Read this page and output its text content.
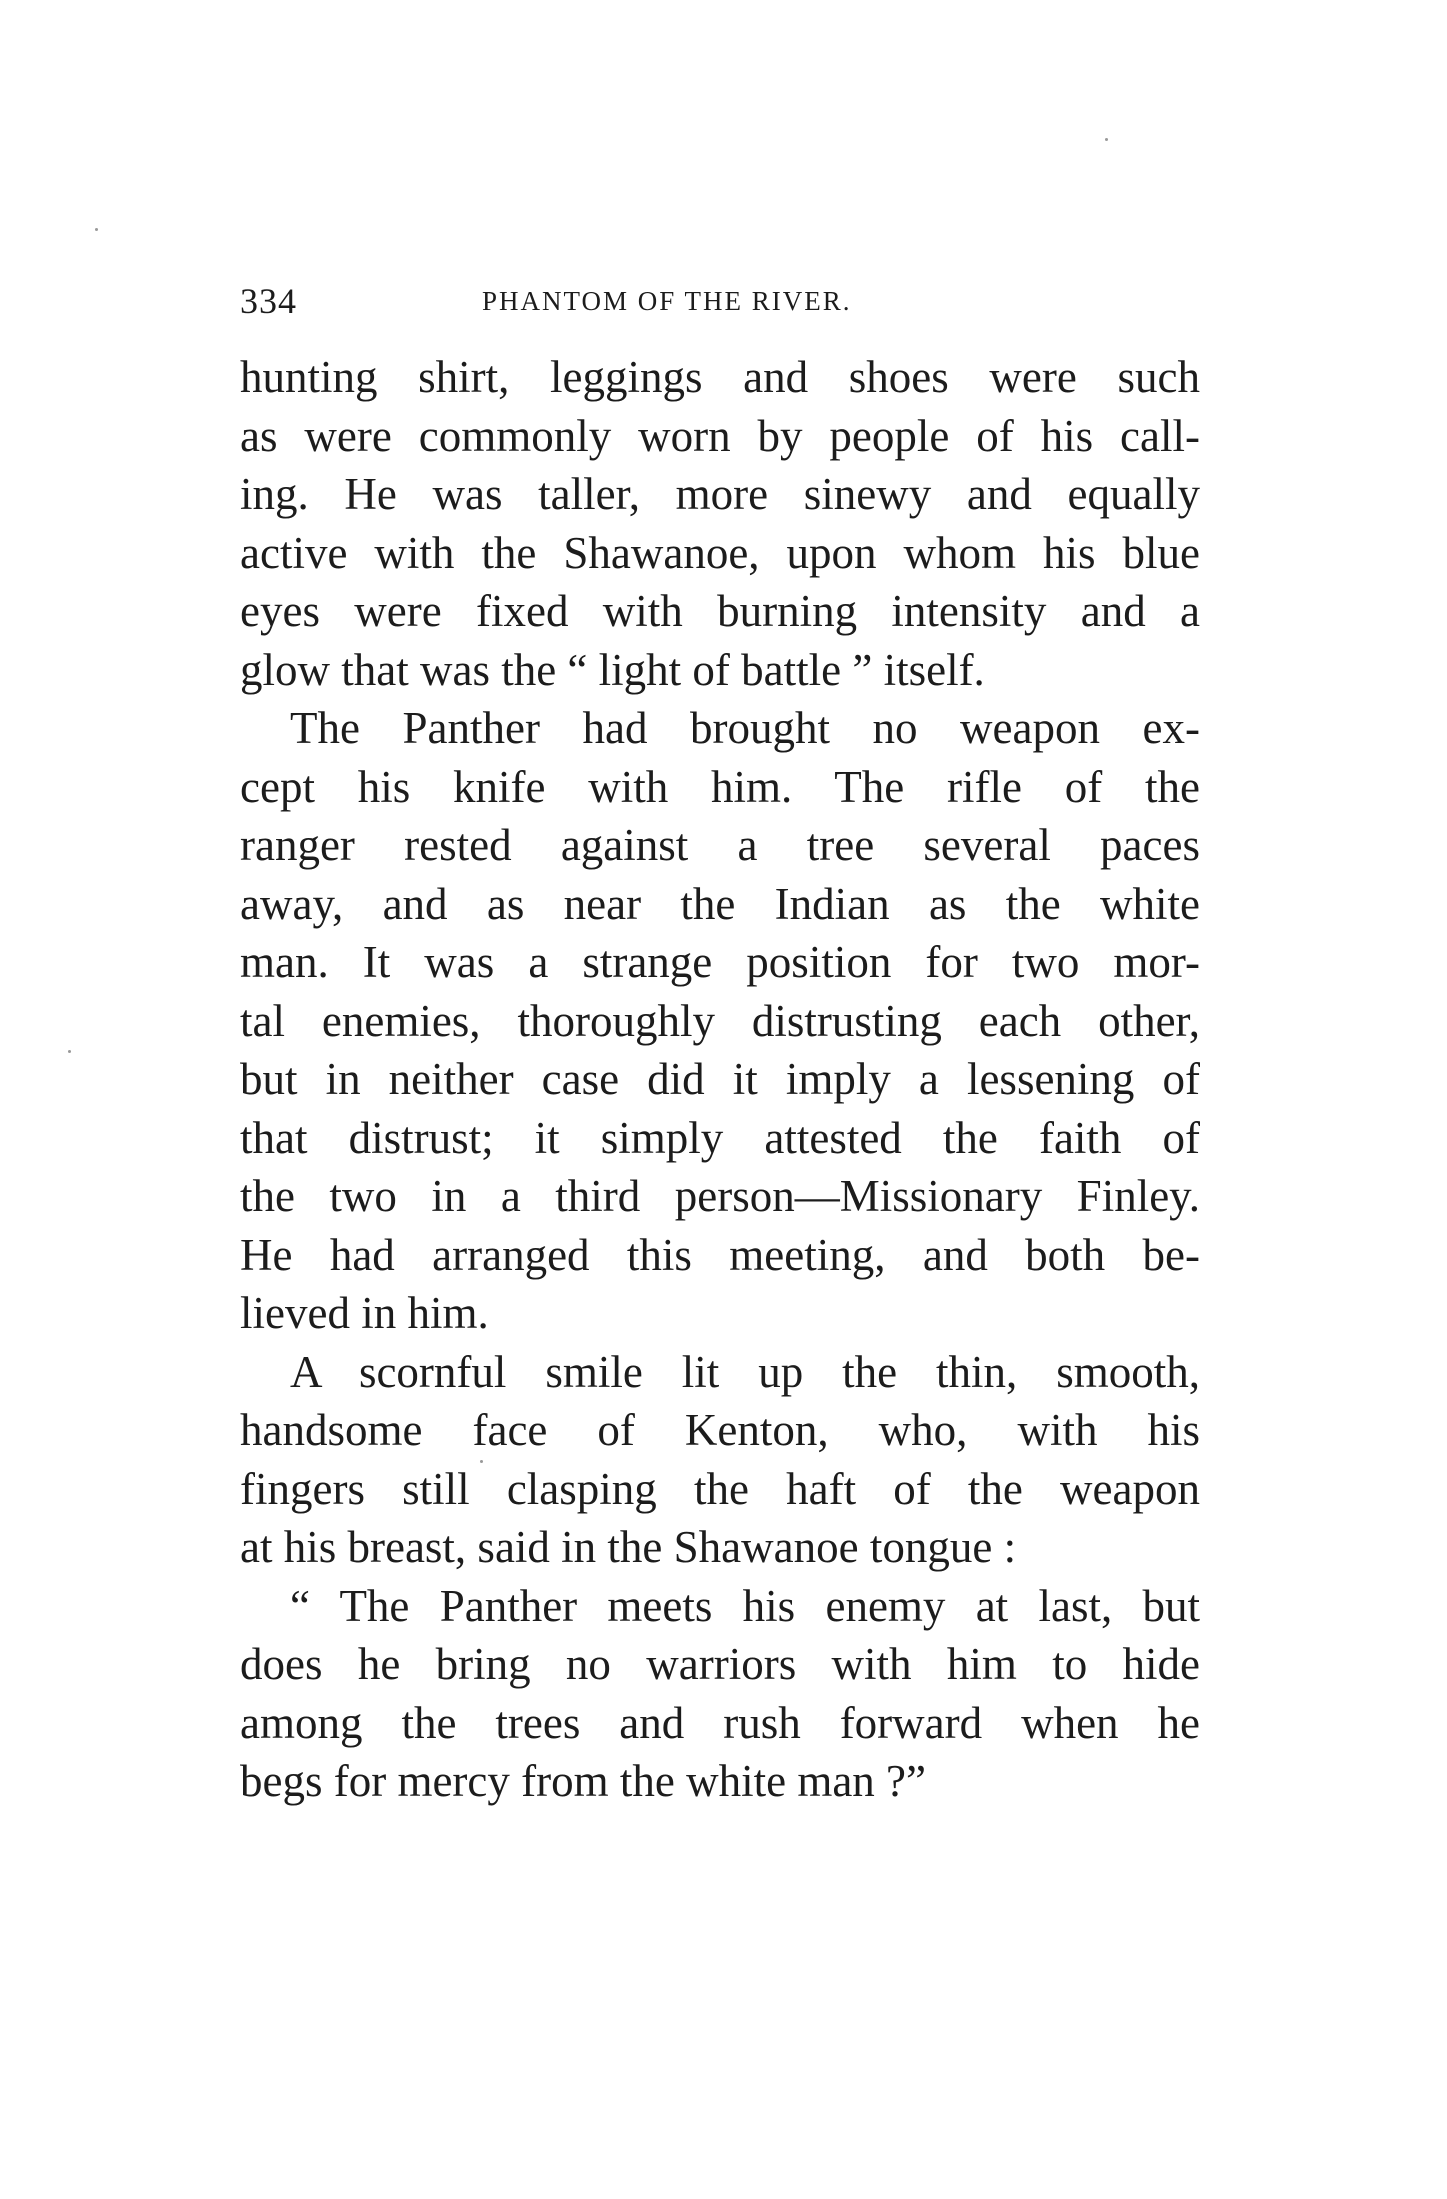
334	PHANTOM OF THE RIVER.
hunting shirt, leggings and shoes were such
as were commonly worn by people of his call-
ing. He was taller, more sinewy and equally
active with the Shawanoe, upon whom his blue
eyes were fixed with burning intensity and a
glow that was the “ light of battle ” itself.
The Panther had brought no weapon ex-
cept his knife with him. The rifle of the
ranger rested against a tree several paces
away, and as near the Indian as the white
man. It was a strange position for two mor-
tal enemies, thoroughly distrusting each other,
but in neither case did it imply a lessening of
that distrust; it simply attested the faith of
the two in a third person—Missionary Finley.
He had arranged this meeting, and both be-
lieved in him.
A scornful smile lit up the thin, smooth,
handsome face of Kenton, who, with his
fingers still clasping the haft of the weapon
at his breast, said in the Shawanoe tongue :
“ The Panther meets his enemy at last, but
does he bring no warriors with him to hide
among the trees and rush forward when he
begs for mercy from the white man ?”
